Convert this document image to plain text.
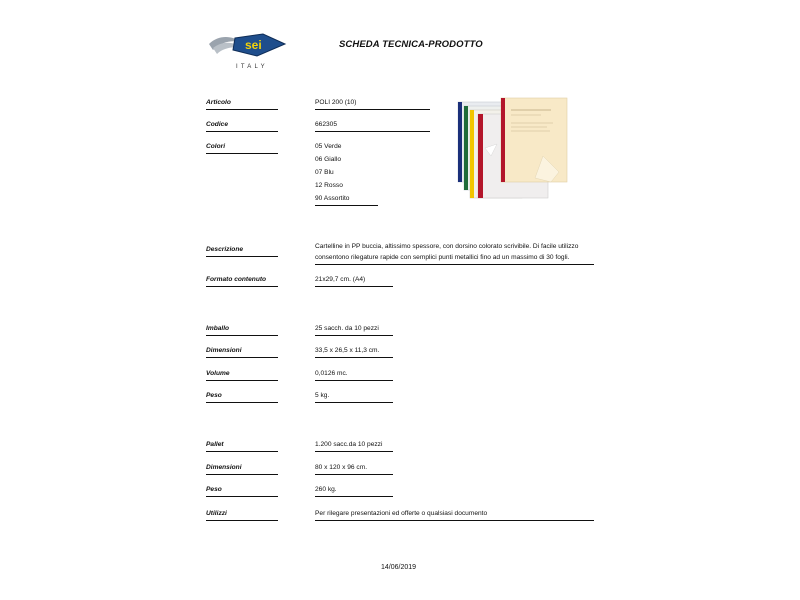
sei
ITALY
SCHEDA TECNICA-PRODOTTO
Articolo	POLI 200 (10)
Codice	662305
Colori	05 Verde
06 Giallo
07 Blu
12 Rosso
90 Assortito
Descrizione	Cartelline in PP buccia, altissimo spessore, con dorsino colorato scrivibile. Di facile utilizzo consentono rilegature rapide con semplici punti metallici fino ad un massimo di 30 fogli.
Formato contenuto	21x29,7 cm. (A4)
Imballo	25 sacch. da 10 pezzi
Dimensioni	33,5 x 26,5 x 11,3 cm.
Volume	0,0126 mc.
Peso	5 kg.
Pallet	1.200 sacc.da 10 pezzi
Dimensioni	80 x 120 x 96 cm.
Peso	260 kg.
Utilizzi	Per rilegare presentazioni ed offerte o qualsiasi documento
14/06/2019
